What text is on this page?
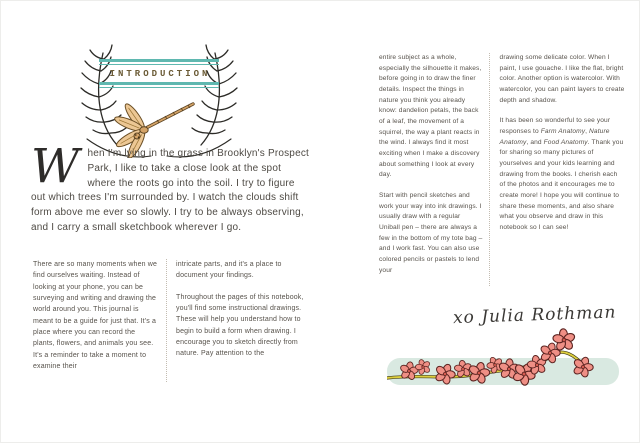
INTRODUCTION
When I'm lying in the grass in Brooklyn's Prospect Park, I like to take a close look at the spot where the roots go into the soil. I try to figure out which trees I'm surrounded by. I watch the clouds shift form above me ever so slowly. I try to be always observing, and I carry a small sketchbook wherever I go.

There are so many moments when we find ourselves waiting. Instead of looking at your phone, you can be surveying and writing and drawing the world around you. This journal is meant to be a guide for just that. It's a place where you can record the plants, flowers, and animals you see. It's a reminder to take a moment to examine their

intricate parts, and it's a place to document your findings.

Throughout the pages of this notebook, you'll find some instructional drawings. These will help you understand how to begin to build a form when drawing. I encourage you to sketch directly from nature. Pay attention to the

entire subject as a whole, especially the silhouette it makes, before going in to draw the finer details. Inspect the things in nature you think you already know: dandelion petals, the back of a leaf, the movement of a squirrel, the way a plant reacts in the wind. I always find it most exciting when I make a discovery about something I look at every day.

Start with pencil sketches and work your way into ink drawings. I usually draw with a regular Uniball pen – there are always a few in the bottom of my tote bag – and I work fast. You can also use colored pencils or pastels to lend your

drawing some delicate color. When I paint, I use gouache. I like the flat, bright color. Another option is watercolor. With watercolor, you can paint layers to create depth and shadow.

It has been so wonderful to see your responses to Farm Anatomy, Nature Anatomy, and Food Anatomy. Thank you for sharing so many pictures of yourselves and your kids learning and drawing from the books. I cherish each of the photos and it encourages me to create more! I hope you will continue to share these moments, and also share what you observe and draw in this notebook so I can see!

xo Julia Rothman
